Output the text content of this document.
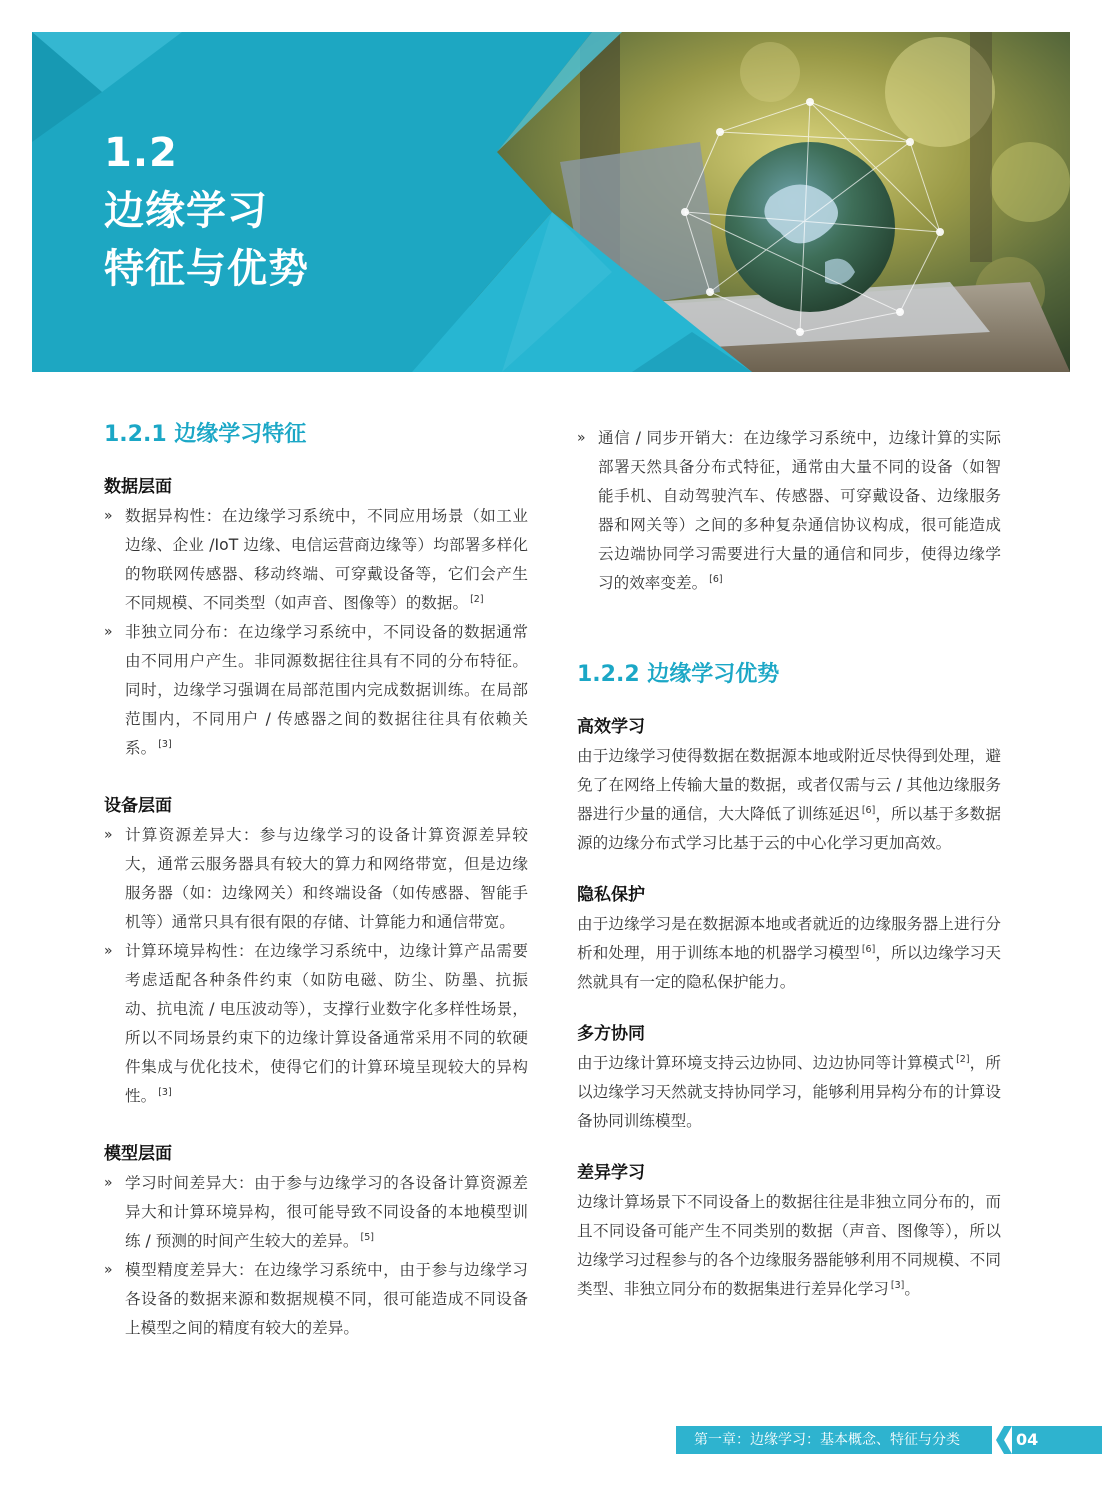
1.2
边缘学习
特征与优势
1.2.1 边缘学习特征
数据层面
» 数据异构性：在边缘学习系统中，不同应用场景（如工业边缘、企业 /IoT 边缘、电信运营商边缘等）均部署多样化的物联网传感器、移动终端、可穿戴设备等，它们会产生不同规模、不同类型（如声音、图像等）的数据。 [2]
» 非独立同分布：在边缘学习系统中，不同设备的数据通常由不同用户产生。非同源数据往往具有不同的分布特征。同时，边缘学习强调在局部范围内完成数据训练。在局部范围内，不同用户 / 传感器之间的数据往往具有依赖关系。 [3]
设备层面
» 计算资源差异大：参与边缘学习的设备计算资源差异较大，通常云服务器具有较大的算力和网络带宽，但是边缘服务器（如：边缘网关）和终端设备（如传感器、智能手机等）通常只具有很有限的存储、计算能力和通信带宽。
» 计算环境异构性：在边缘学习系统中，边缘计算产品需要考虑适配各种条件约束（如防电磁、防尘、防墨、抗振动、抗电流 / 电压波动等），支撑行业数字化多样性场景，所以不同场景约束下的边缘计算设备通常采用不同的软硬件集成与优化技术，使得它们的计算环境呈现较大的异构性。 [3]
模型层面
» 学习时间差异大：由于参与边缘学习的各设备计算资源差异大和计算环境异构，很可能导致不同设备的本地模型训练 / 预测的时间产生较大的差异。 [5]
» 模型精度差异大：在边缘学习系统中，由于参与边缘学习各设备的数据来源和数据规模不同，很可能造成不同设备上模型之间的精度有较大的差异。
» 通信 / 同步开销大：在边缘学习系统中，边缘计算的实际部署天然具备分布式特征，通常由大量不同的设备（如智能手机、自动驾驶汽车、传感器、可穿戴设备、边缘服务器和网关等）之间的多种复杂通信协议构成，很可能造成云边端协同学习需要进行大量的通信和同步，使得边缘学习的效率变差。 [6]
1.2.2 边缘学习优势
高效学习

由于边缘学习使得数据在数据源本地或附近尽快得到处理，避免了在网络上传输大量的数据，或者仅需与云 / 其他边缘服务器进行少量的通信，大大降低了训练延迟 [6]，所以基于多数据源的边缘分布式学习比基于云的中心化学习更加高效。

隐私保护

由于边缘学习是在数据源本地或者就近的边缘服务器上进行分析和处理，用于训练本地的机器学习模型 [6]，所以边缘学习天然就具有一定的隐私保护能力。

多方协同

由于边缘计算环境支持云边协同、边边协同等计算模式 [2]，所以边缘学习天然就支持协同学习，能够利用异构分布的计算设备协同训练模型。

差异学习

边缘计算场景下不同设备上的数据往往是非独立同分布的，而且不同设备可能产生不同类别的数据（声音、图像等），所以边缘学习过程参与的各个边缘服务器能够利用不同规模、不同类型、非独立同分布的数据集进行差异化学习 [3]。

第一章：边缘学习：基本概念、特征与分类	04
